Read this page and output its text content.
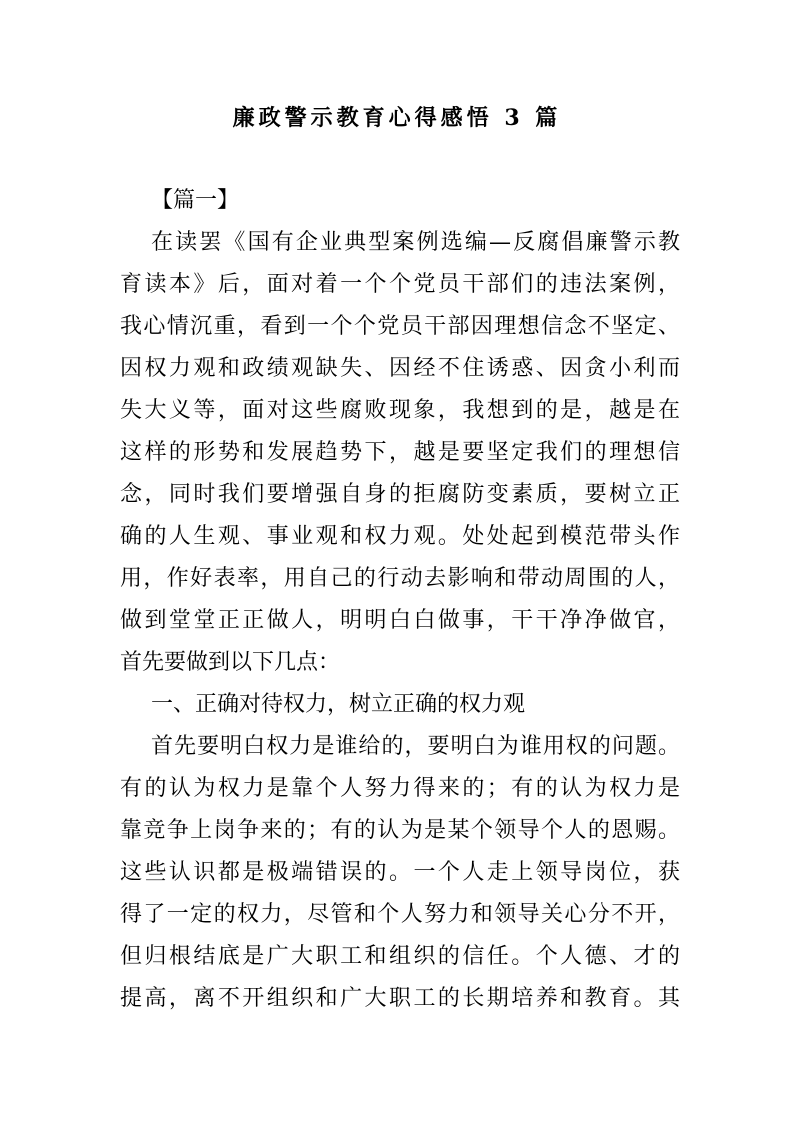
廉政警示教育心得感悟 3 篇
【篇一】
在读罢《国有企业典型案例选编—反腐倡廉警示教
育读本》后，面对着一个个党员干部们的违法案例，
我心情沉重，看到一个个党员干部因理想信念不坚定、
因权力观和政绩观缺失、因经不住诱惑、因贪小利而
失大义等，面对这些腐败现象，我想到的是，越是在
这样的形势和发展趋势下，越是要坚定我们的理想信
念，同时我们要增强自身的拒腐防变素质，要树立正
确的人生观、事业观和权力观。处处起到模范带头作
用，作好表率，用自己的行动去影响和带动周围的人，
做到堂堂正正做人，明明白白做事，干干净净做官，
首先要做到以下几点：
一、正确对待权力，树立正确的权力观
首先要明白权力是谁给的，要明白为谁用权的问题。
有的认为权力是靠个人努力得来的；有的认为权力是
靠竞争上岗争来的；有的认为是某个领导个人的恩赐。
这些认识都是极端错误的。一个人走上领导岗位，获
得了一定的权力，尽管和个人努力和领导关心分不开，
但归根结底是广大职工和组织的信任。个人德、才的
提高，离不开组织和广大职工的长期培养和教育。其
